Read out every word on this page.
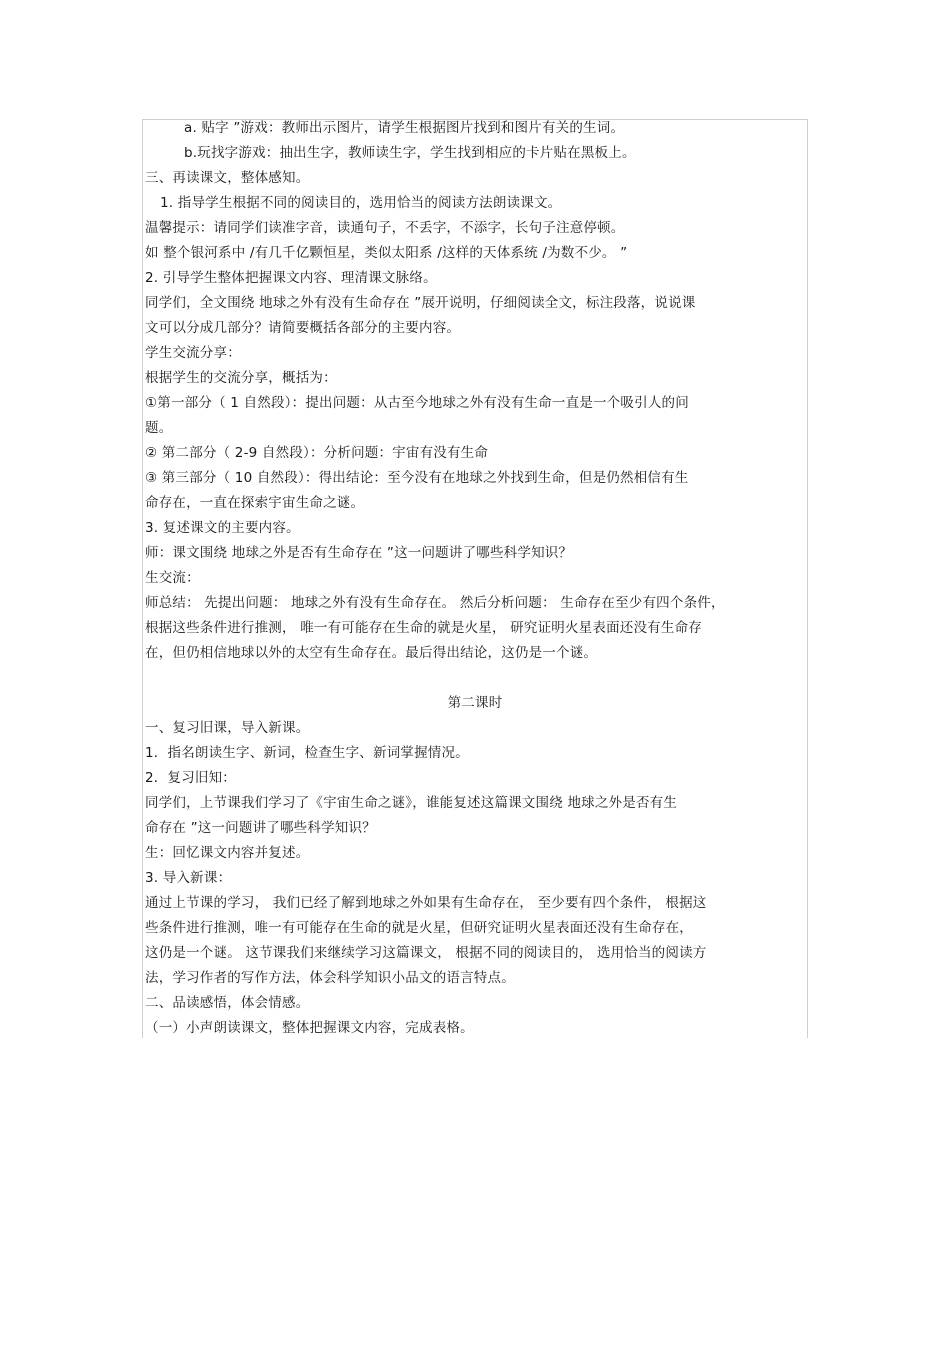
a. 贴字 ”游戏：教师出示图片，请学生根据图片找到和图片有关的生词。
b.玩找字游戏：抽出生字，教师读生字，学生找到相应的卡片贴在黑板上。
三、再读课文，整体感知。
1. 指导学生根据不同的阅读目的，选用恰当的阅读方法朗读课文。
温馨提示：请同学们读准字音，读通句子，不丢字，不添字，长句子注意停顿。
如 整个银河系中 /有几千亿颗恒星，类似太阳系 /这样的天体系统 /为数不少。 ”
2. 引导学生整体把握课文内容、理清课文脉络。
同学们，全文围绕 地球之外有没有生命存在 ”展开说明，仔细阅读全文，标注段落，说说课
文可以分成几部分？请简要概括各部分的主要内容。
学生交流分享：
根据学生的交流分享，概括为：
①第一部分（ 1 自然段）：提出问题：从古至今地球之外有没有生命一直是一个吸引人的问
题。
② 第二部分（ 2-9 自然段）：分析问题：宇宙有没有生命
③ 第三部分（ 10 自然段）：得出结论：至今没有在地球之外找到生命，但是仍然相信有生
命存在，一直在探索宇宙生命之谜。
3. 复述课文的主要内容。
师：课文围绕 地球之外是否有生命存在 ”这一问题讲了哪些科学知识？
生交流：
师总结： 先提出问题： 地球之外有没有生命存在。 然后分析问题： 生命存在至少有四个条件，
根据这些条件进行推测， 唯一有可能存在生命的就是火星， 研究证明火星表面还没有生命存
在，但仍相信地球以外的太空有生命存在。最后得出结论，这仍是一个谜。
第二课时
一、复习旧课，导入新课。
1．指名朗读生字、新词，检查生字、新词掌握情况。
2．复习旧知：
同学们，上节课我们学习了《宇宙生命之谜》，谁能复述这篇课文围绕 地球之外是否有生
命存在 ”这一问题讲了哪些科学知识？
生：回忆课文内容并复述。
3. 导入新课：
通过上节课的学习， 我们已经了解到地球之外如果有生命存在， 至少要有四个条件， 根据这
些条件进行推测，唯一有可能存在生命的就是火星，但研究证明火星表面还没有生命存在，
这仍是一个谜。 这节课我们来继续学习这篇课文， 根据不同的阅读目的， 选用恰当的阅读方
法，学习作者的写作方法，体会科学知识小品文的语言特点。
二、品读感悟，体会情感。
（一）小声朗读课文，整体把握课文内容，完成表格。
